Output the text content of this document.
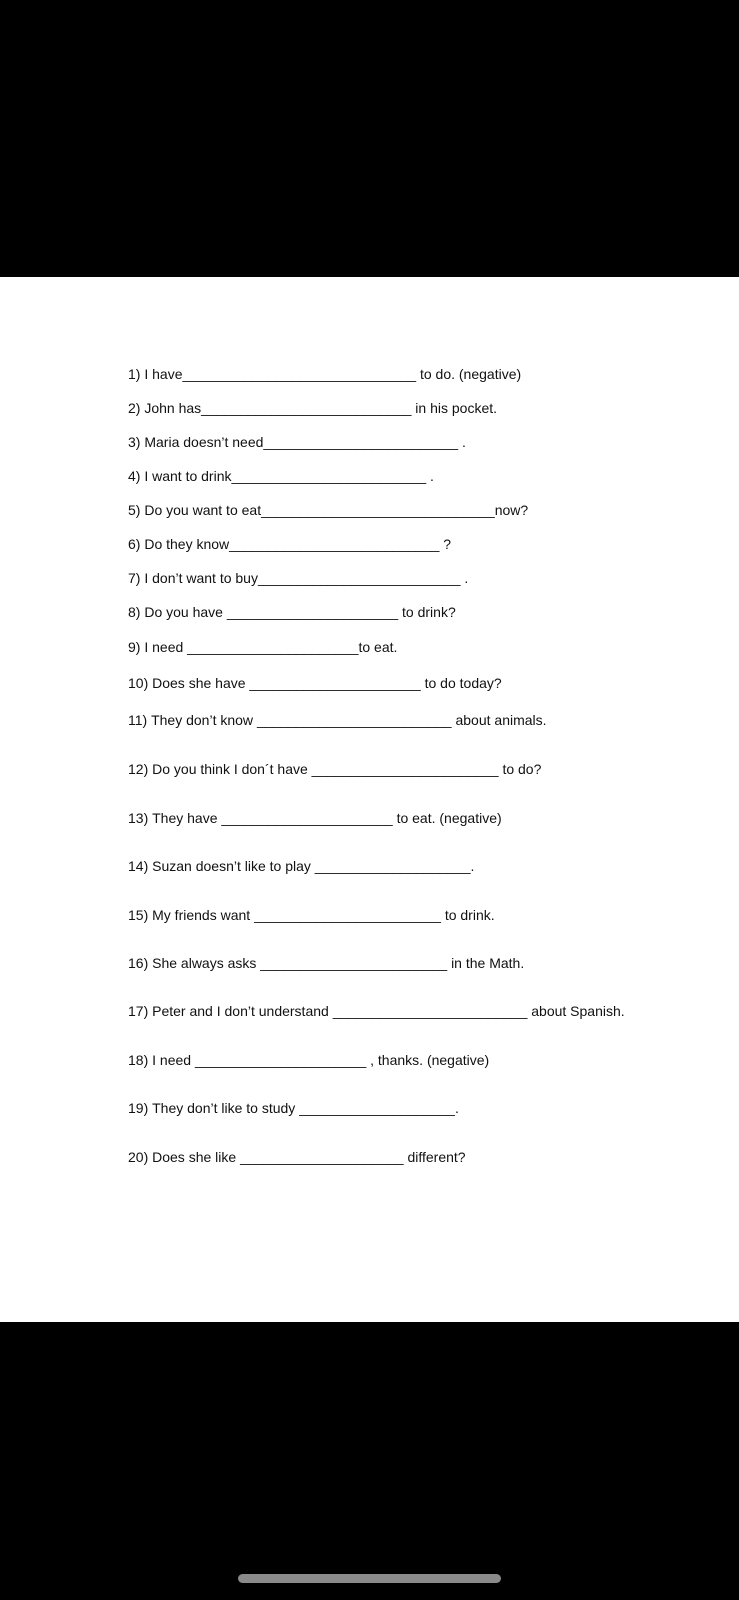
1) I have______________________________ to do. (negative)
2) John has___________________________ in his pocket.
3) Maria doesn’t need_________________________ .
4) I want to drink_________________________ .
5) Do you want to eat______________________________now?
6) Do they know___________________________ ?
7) I don’t want to buy__________________________ .
8) Do you have ______________________ to drink?
9) I need ______________________to eat.
10) Does she have ______________________ to do today?
11) They don’t know _________________________ about animals.
12) Do you think I don´t have ________________________ to do?
13) They have ______________________ to eat. (negative)
14) Suzan doesn’t like to play ____________________.
15) My friends want ________________________ to drink.
16) She always asks ________________________ in the Math.
17) Peter and I don’t understand _________________________ about Spanish.
18) I need ______________________ , thanks. (negative)
19) They don’t like to study ____________________.
20) Does she like _____________________ different?
